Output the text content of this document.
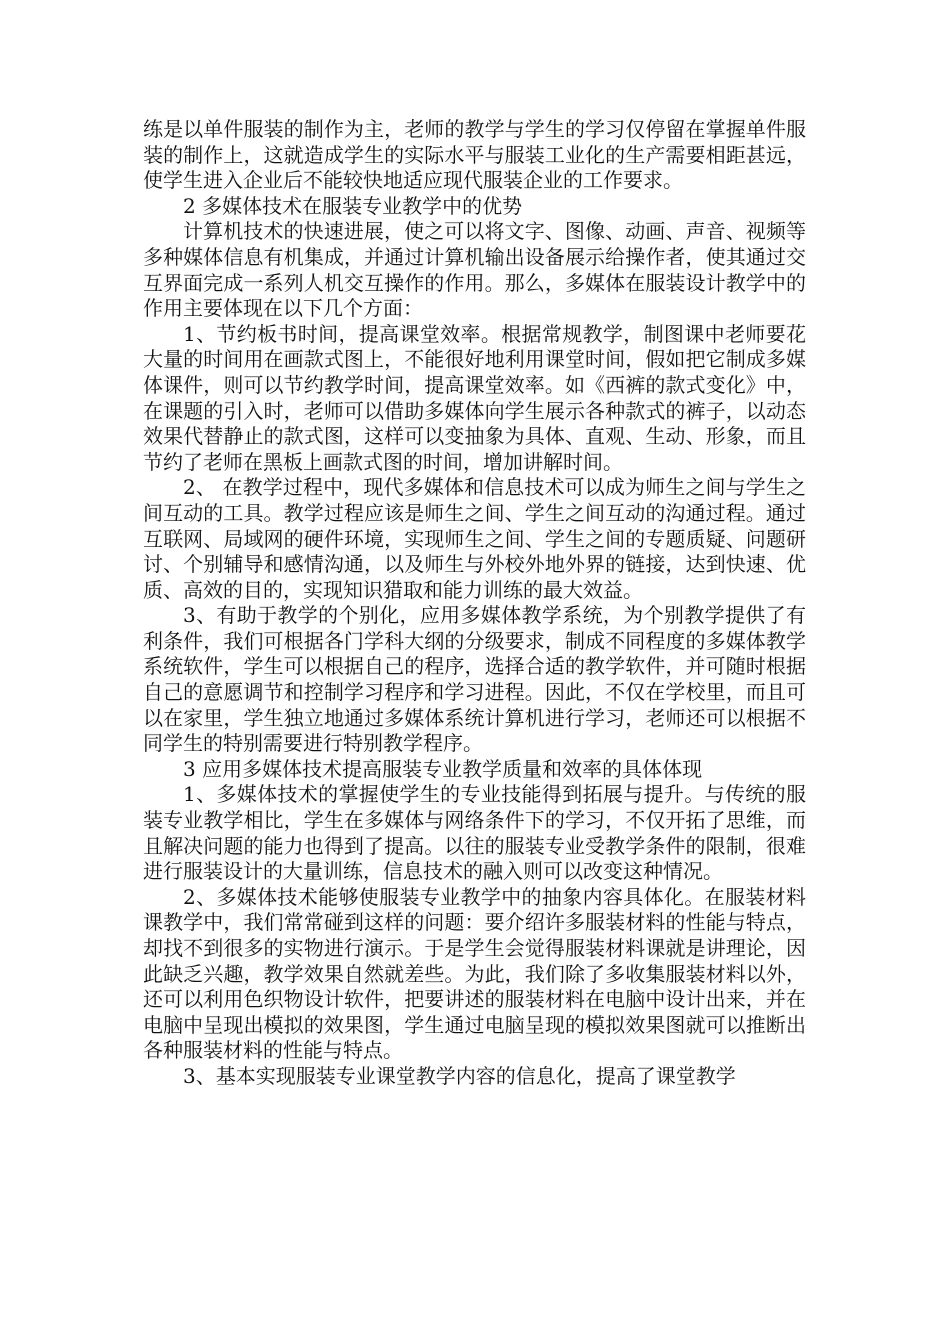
练是以单件服装的制作为主，老师的教学与学生的学习仅停留在掌握单件服装的制作上，这就造成学生的实际水平与服装工业化的生产需要相距甚远，使学生进入企业后不能较快地适应现代服装企业的工作要求。

2 多媒体技术在服装专业教学中的优势

计算机技术的快速进展，使之可以将文字、图像、动画、声音、视频等多种媒体信息有机集成，并通过计算机输出设备展示给操作者，使其通过交互界面完成一系列人机交互操作的作用。那么，多媒体在服装设计教学中的作用主要体现在以下几个方面：

1、节约板书时间，提高课堂效率。根据常规教学，制图课中老师要花大量的时间用在画款式图上，不能很好地利用课堂时间，假如把它制成多媒体课件，则可以节约教学时间，提高课堂效率。如《西裤的款式变化》中，在课题的引入时，老师可以借助多媒体向学生展示各种款式的裤子，以动态效果代替静止的款式图，这样可以变抽象为具体、直观、生动、形象，而且节约了老师在黑板上画款式图的时间，增加讲解时间。

2、 在教学过程中，现代多媒体和信息技术可以成为师生之间与学生之间互动的工具。教学过程应该是师生之间、学生之间互动的沟通过程。通过互联网、局域网的硬件环境，实现师生之间、学生之间的专题质疑、问题研讨、个别辅导和感情沟通，以及师生与外校外地外界的链接，达到快速、优质、高效的目的，实现知识猎取和能力训练的最大效益。

3、有助于教学的个别化，应用多媒体教学系统，为个别教学提供了有利条件，我们可根据各门学科大纲的分级要求，制成不同程度的多媒体教学系统软件，学生可以根据自己的程序，选择合适的教学软件，并可随时根据自己的意愿调节和控制学习程序和学习进程。因此，不仅在学校里，而且可以在家里，学生独立地通过多媒体系统计算机进行学习，老师还可以根据不同学生的特别需要进行特别教学程序。

3 应用多媒体技术提高服装专业教学质量和效率的具体体现

1、多媒体技术的掌握使学生的专业技能得到拓展与提升。与传统的服装专业教学相比，学生在多媒体与网络条件下的学习，不仅开拓了思维，而且解决问题的能力也得到了提高。以往的服装专业受教学条件的限制，很难进行服装设计的大量训练，信息技术的融入则可以改变这种情况。

2、多媒体技术能够使服装专业教学中的抽象内容具体化。在服装材料课教学中，我们常常碰到这样的问题：要介绍许多服装材料的性能与特点，却找不到很多的实物进行演示。于是学生会觉得服装材料课就是讲理论，因此缺乏兴趣，教学效果自然就差些。为此，我们除了多收集服装材料以外，还可以利用色织物设计软件，把要讲述的服装材料在电脑中设计出来，并在电脑中呈现出模拟的效果图，学生通过电脑呈现的模拟效果图就可以推断出各种服装材料的性能与特点。

3、基本实现服装专业课堂教学内容的信息化，提高了课堂教学
